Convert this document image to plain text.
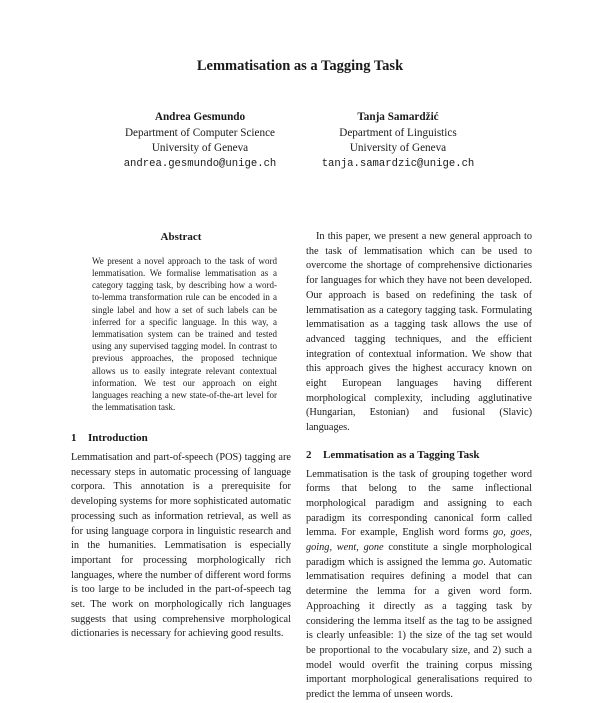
Lemmatisation as a Tagging Task
Andrea Gesmundo
Department of Computer Science
University of Geneva
andrea.gesmundo@unige.ch
Tanja Samardžić
Department of Linguistics
University of Geneva
tanja.samardzic@unige.ch
Abstract

We present a novel approach to the task of word lemmatisation. We formalise lemmatisation as a category tagging task, by describing how a word-to-lemma transformation rule can be encoded in a single label and how a set of such labels can be inferred for a specific language. In this way, a lemmatisation system can be trained and tested using any supervised tagging model. In contrast to previous approaches, the proposed technique allows us to easily integrate relevant contextual information. We test our approach on eight languages reaching a new state-of-the-art level for the lemmatisation task.

1 Introduction

Lemmatisation and part-of-speech (POS) tagging are necessary steps in automatic processing of language corpora. This annotation is a prerequisite for developing systems for more sophisticated automatic processing such as information retrieval, as well as for using language corpora in linguistic research and in the humanities. Lemmatisation is especially important for processing morphologically rich languages, where the number of different word forms is too large to be included in the part-of-speech tag set. The work on morphologically rich languages suggests that using comprehensive morphological dictionaries is necessary for achieving good results.

In this paper, we present a new general approach to the task of lemmatisation which can be used to overcome the shortage of comprehensive dictionaries for languages for which they have not been developed. Our approach is based on redefining the task of lemmatisation as a category tagging task. Formulating lemmatisation as a tagging task allows the use of advanced tagging techniques, and the efficient integration of contextual information. We show that this approach gives the highest accuracy known on eight European languages having different morphological complexity, including agglutinative (Hungarian, Estonian) and fusional (Slavic) languages.

2 Lemmatisation as a Tagging Task

Lemmatisation is the task of grouping together word forms that belong to the same inflectional morphological paradigm and assigning to each paradigm its corresponding canonical form called lemma. For example, English word forms go, goes, going, went, gone constitute a single morphological paradigm which is assigned the lemma go. Automatic lemmatisation requires defining a model that can determine the lemma for a given word form. Approaching it directly as a tagging task by considering the lemma itself as the tag to be assigned is clearly unfeasible: 1) the size of the tag set would be proportional to the vocabulary size, and 2) such a model would overfit the training corpus missing important morphological generalisations required to predict the lemma of unseen words.
